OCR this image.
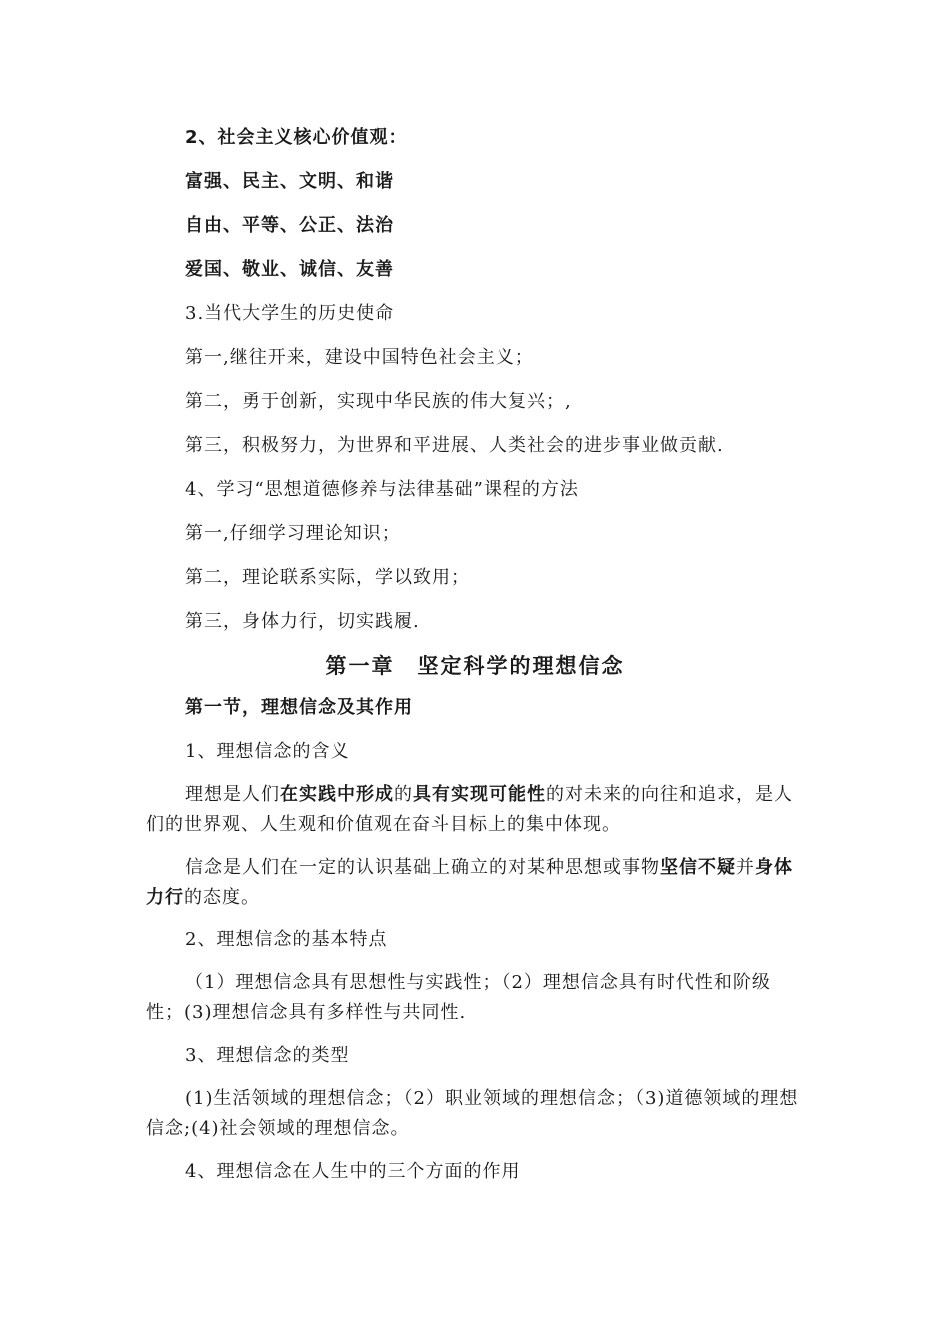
2、社会主义核心价值观：
富强、民主、文明、和谐
自由、平等、公正、法治
爱国、敬业、诚信、友善
3.当代大学生的历史使命
第一,继往开来，建设中国特色社会主义；
第二，勇于创新，实现中华民族的伟大复兴；,
第三，积极努力，为世界和平进展、人类社会的进步事业做贡献.
4、学习“思想道德修养与法律基础”课程的方法
第一,仔细学习理论知识；
第二，理论联系实际，学以致用；
第三，身体力行，切实践履.
第一章　坚定科学的理想信念
第一节，理想信念及其作用
1、理想信念的含义
理想是人们在实践中形成的具有实现可能性的对未来的向往和追求，是人们的世界观、人生观和价值观在奋斗目标上的集中体现。
信念是人们在一定的认识基础上确立的对某种思想或事物坚信不疑并身体力行的态度。
2、理想信念的基本特点
（1）理想信念具有思想性与实践性；（2）理想信念具有时代性和阶级性；(3)理想信念具有多样性与共同性.
3、理想信念的类型
(1)生活领域的理想信念；（2）职业领域的理想信念；（3)道德领域的理想信念;(4)社会领域的理想信念。
4、理想信念在人生中的三个方面的作用
